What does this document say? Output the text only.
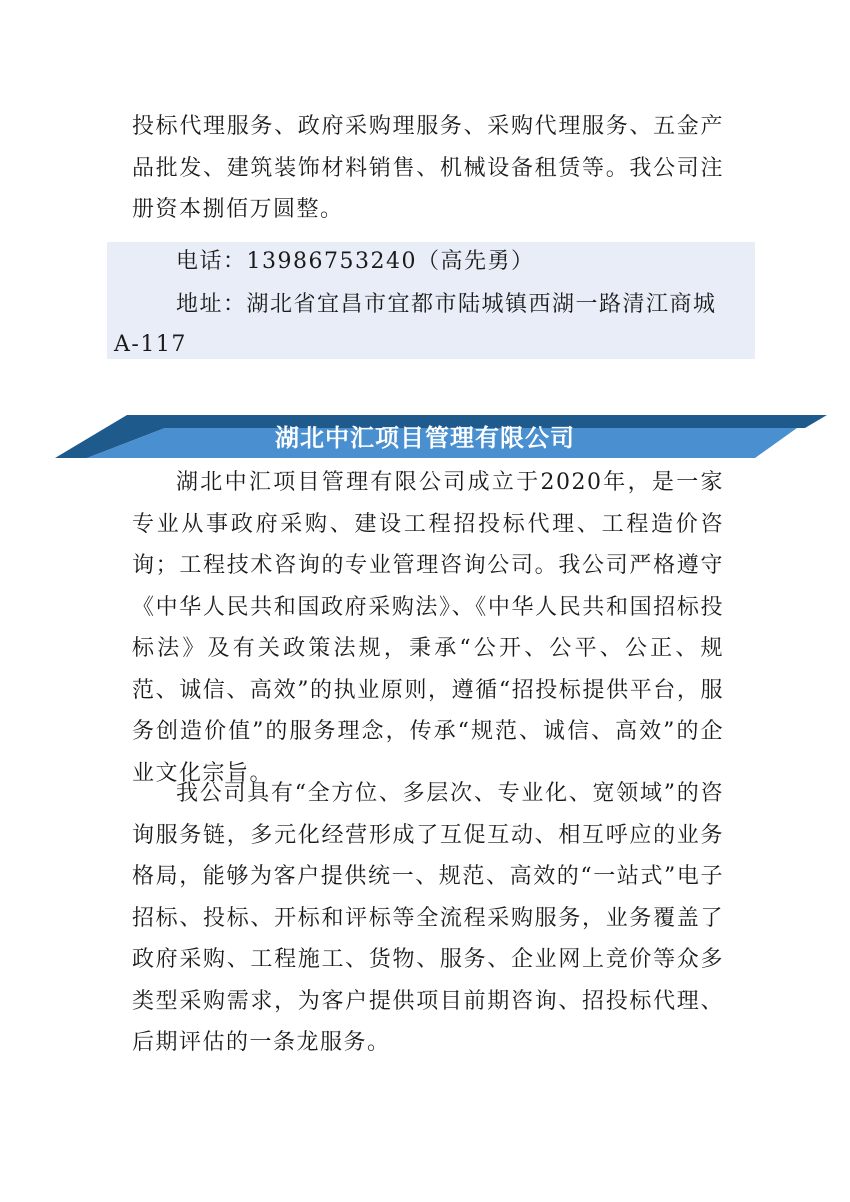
投标代理服务、政府采购理服务、采购代理服务、五金产品批发、建筑装饰材料销售、机械设备租赁等。我公司注册资本捌佰万圆整。

电话：13986753240（高先勇）
地址：湖北省宜昌市宜都市陆城镇西湖一路清江商城
A-117
湖北中汇项目管理有限公司

湖北中汇项目管理有限公司成立于2020年，是一家专业从事政府采购、建设工程招投标代理、工程造价咨询；工程技术咨询的专业管理咨询公司。我公司严格遵守《中华人民共和国政府采购法》、《中华人民共和国招标投标法》及有关政策法规，秉承“公开、公平、公正、规范、诚信、高效”的执业原则，遵循“招投标提供平台，服务创造价值”的服务理念，传承“规范、诚信、高效”的企业文化宗旨。

我公司具有“全方位、多层次、专业化、宽领域”的咨询服务链，多元化经营形成了互促互动、相互呼应的业务格局，能够为客户提供统一、规范、高效的“一站式”电子招标、投标、开标和评标等全流程采购服务，业务覆盖了政府采购、工程施工、货物、服务、企业网上竞价等众多类型采购需求，为客户提供项目前期咨询、招投标代理、后期评估的一条龙服务。
